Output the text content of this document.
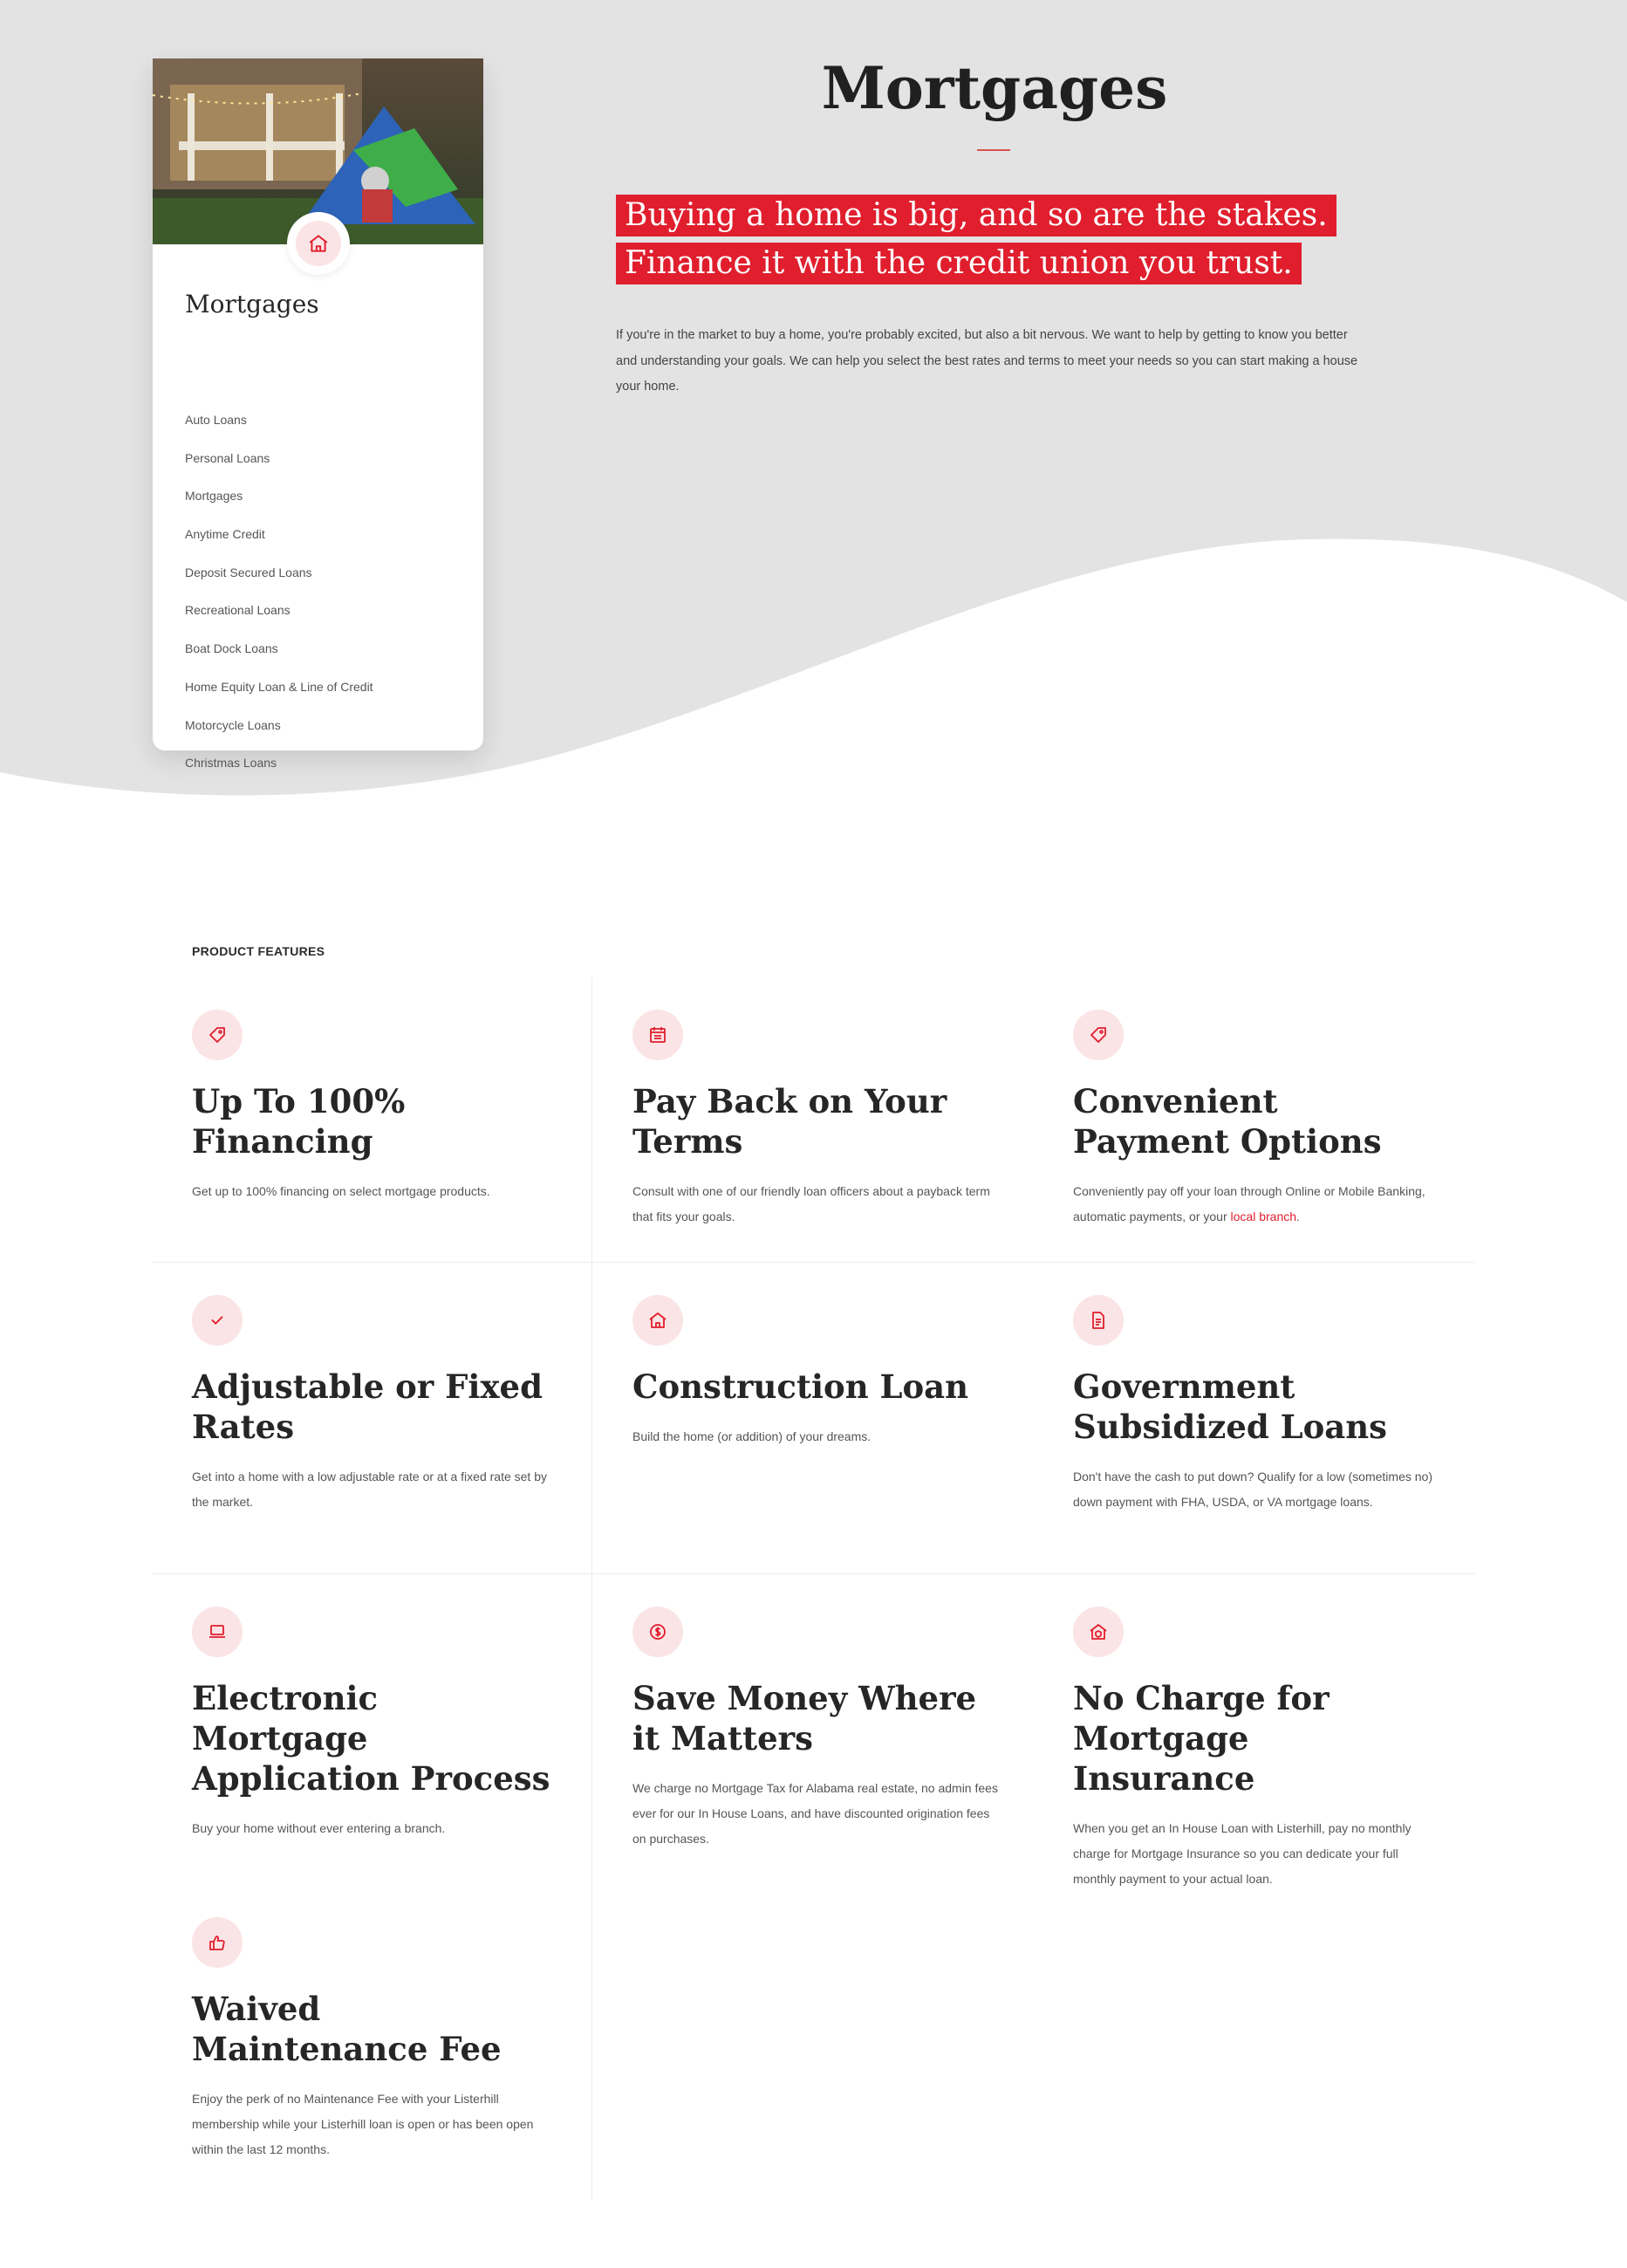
Mortgages
Auto Loans
Personal Loans
Mortgages
Anytime Credit
Deposit Secured Loans
Recreational Loans
Boat Dock Loans
Home Equity Loan & Line of Credit
Motorcycle Loans
Christmas Loans
Mortgages
Buying a home is big, and so are the stakes.
Finance it with the credit union you trust.

If you're in the market to buy a home, you're probably excited, but also a bit nervous. We want to help by getting to know you better and understanding your goals. We can help you select the best rates and terms to meet your needs so you can start making a house your home.

PRODUCT FEATURES
Up To 100% Financing

Get up to 100% financing on select mortgage products.

Pay Back on Your Terms

Consult with one of our friendly loan officers about a payback term that fits your goals.

Convenient Payment Options

Conveniently pay off your loan through Online or Mobile Banking, automatic payments, or your local branch.

Adjustable or Fixed Rates

Get into a home with a low adjustable rate or at a fixed rate set by the market.

Construction Loan

Build the home (or addition) of your dreams.

Government Subsidized Loans

Don't have the cash to put down? Qualify for a low (sometimes no) down payment with FHA, USDA, or VA mortgage loans.

Electronic Mortgage Application Process

Buy your home without ever entering a branch.

Save Money Where it Matters

We charge no Mortgage Tax for Alabama real estate, no admin fees ever for our In House Loans, and have discounted origination fees on purchases.

No Charge for Mortgage Insurance

When you get an In House Loan with Listerhill, pay no monthly charge for Mortgage Insurance so you can dedicate your full monthly payment to your actual loan.

Waived Maintenance Fee

Enjoy the perk of no Maintenance Fee with your Listerhill membership while your Listerhill loan is open or has been open within the last 12 months.
